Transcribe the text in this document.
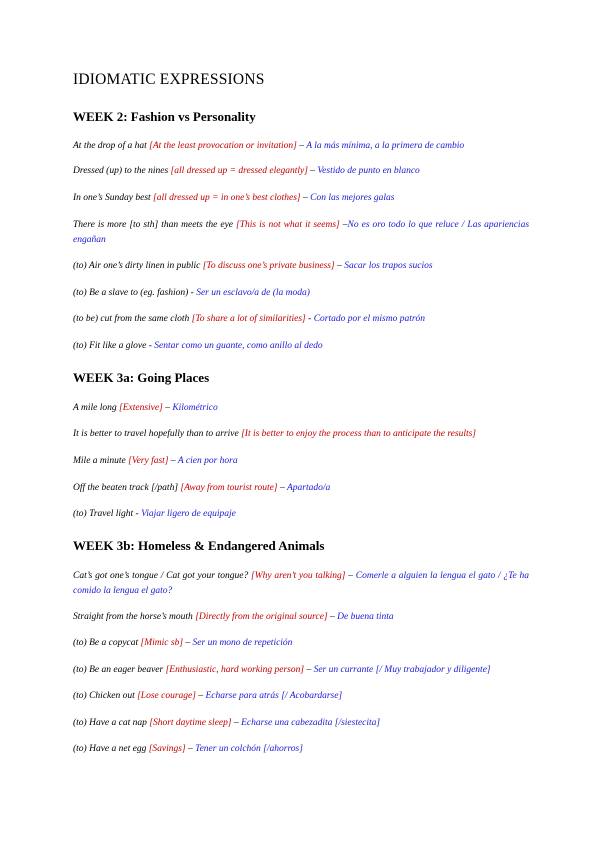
IDIOMATIC EXPRESSIONS
WEEK 2: Fashion vs Personality

At the drop of a hat [At the least provocation or invitation] – A la más mínima, a la primera de cambio

Dressed (up) to the nines [all dressed up = dressed elegantly] – Vestido de punto en blanco

In one’s Sunday best [all dressed up = in one’s best clothes] – Con las mejores galas

There is more [to sth] than meets the eye [This is not what it seems] –No es oro todo lo que reluce / Las apariencias engañan

(to) Air one’s dirty linen in public [To discuss one’s private business] – Sacar los trapos sucios

(to) Be a slave to (eg. fashion) - Ser un esclavo/a de (la moda)

(to be) cut from the same cloth [To share a lot of similarities] - Cortado por el mismo patrón

(to) Fit like a glove - Sentar como un guante, como anillo al dedo

WEEK 3a: Going Places

A mile long [Extensive] – Kilométrico

It is better to travel hopefully than to arrive [It is better to enjoy the process than to anticipate the results]

Mile a minute [Very fast] – A cien por hora

Off the beaten track [/path] [Away from tourist route] – Apartado/a

(to) Travel light - Viajar ligero de equipaje

WEEK 3b: Homeless & Endangered Animals

Cat’s got one’s tongue / Cat got your tongue? [Why aren’t you talking] – Comerle a alguien la lengua el gato / ¿Te ha comido la lengua el gato?

Straight from the horse’s mouth [Directly from the original source] – De buena tinta

(to) Be a copycat [Mimic sb] – Ser un mono de repetición

(to) Be an eager beaver [Enthusiastic, hard working person] – Ser un currante [/ Muy trabajador y diligente]

(to) Chicken out [Lose courage] – Echarse para atrás [/ Acobardarse]

(to) Have a cat nap [Short daytime sleep] – Echarse una cabezadita [/siestecita]

(to) Have a net egg [Savings] – Tener un colchón [/ahorros]
